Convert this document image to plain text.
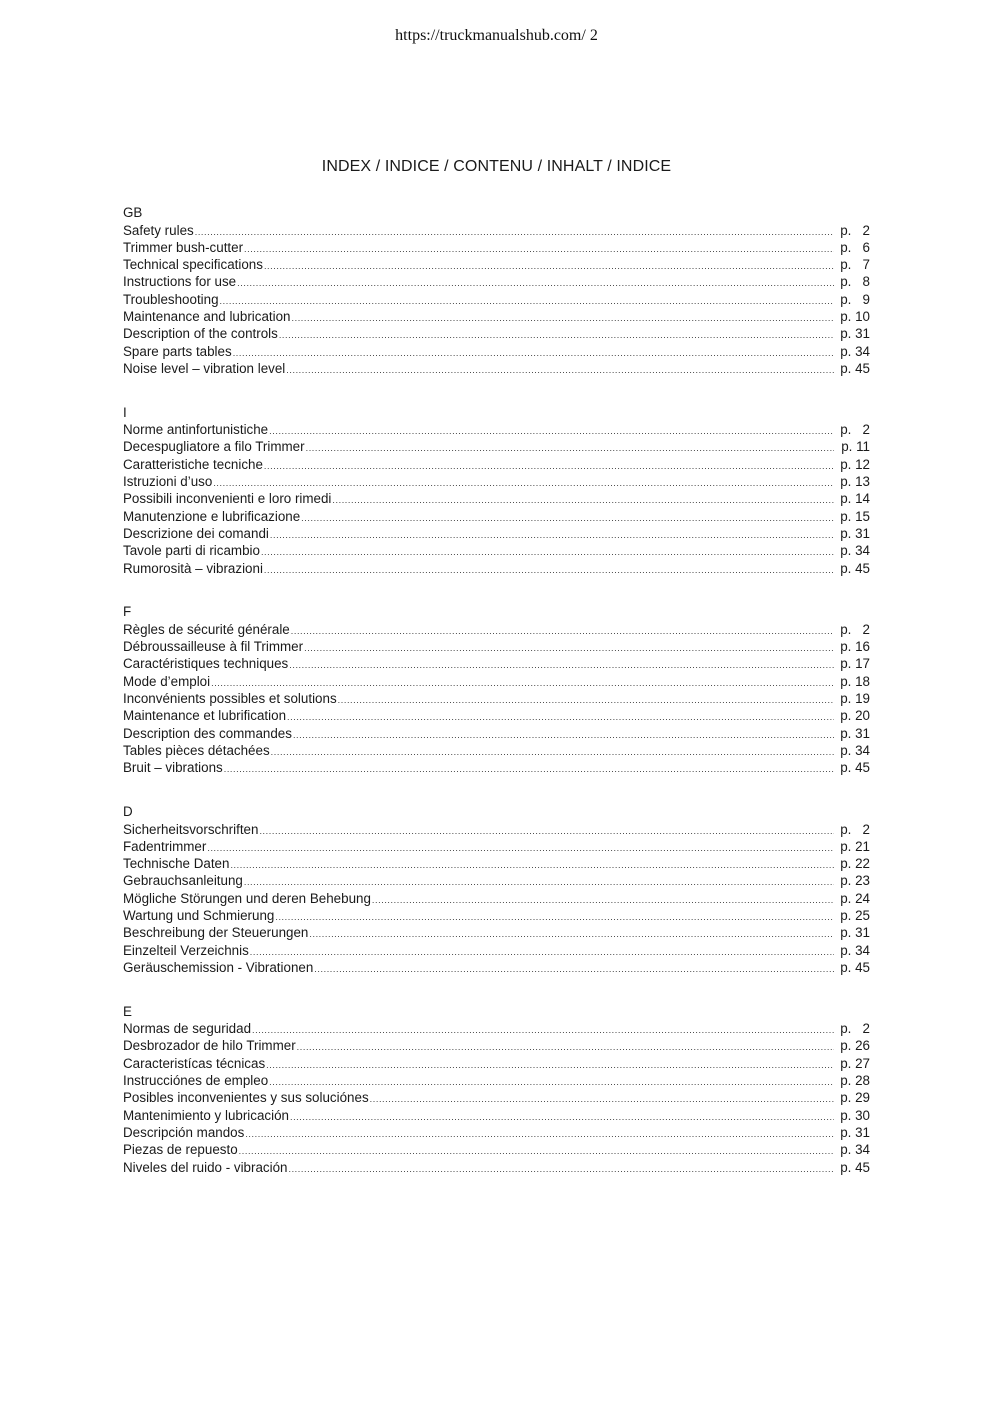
https://truckmanualshub.com/ 2
INDEX / INDICE / CONTENU / INHALT / INDICE
GB
Safety rules .....	p.   2
Trimmer bush-cutter .....	p.   6
Technical specifications .....	p.   7
Instructions for use .....	p.   8
Troubleshooting .....	p.   9
Maintenance and lubrication .....	p. 10
Description of the controls .....	p. 31
Spare parts tables .....	p. 34
Noise level – vibration level .....	p. 45
I
Norme antinfortunistiche .....	p.   2
Decespugliatore a filo Trimmer .....	p. 11
Caratteristiche tecniche .....	p. 12
Istruzioni d’uso .....	p. 13
Possibili inconvenienti e loro rimedi .....	p. 14
Manutenzione e lubrificazione .....	p. 15
Descrizione dei comandi .....	p. 31
Tavole parti di ricambio .....	p. 34
Rumorosità – vibrazioni .....	p. 45
F
Règles de sécurité générale .....	p.   2
Débroussailleuse à fil Trimmer .....	p. 16
Caractéristiques techniques .....	p. 17
Mode d’emploi .....	p. 18
Inconvénients possibles et solutions .....	p. 19
Maintenance et lubrification .....	p. 20
Description des commandes .....	p. 31
Tables pièces détachées .....	p. 34
Bruit – vibrations .....	p. 45
D
Sicherheitsvorschriften .....	p.   2
Fadentrimmer .....	p. 21
Technische Daten .....	p. 22
Gebrauchsanleitung .....	p. 23
Mögliche Störungen und deren Behebung .....	p. 24
Wartung und Schmierung .....	p. 25
Beschreibung der Steuerungen .....	p. 31
Einzelteil Verzeichnis .....	p. 34
Geräuschemission - Vibrationen .....	p. 45
E
Normas de seguridad .....	p.   2
Desbrozador de hilo Trimmer .....	p. 26
Caracteristícas técnicas .....	p. 27
Instrucciónes de empleo .....	p. 28
Posibles inconvenientes y sus soluciónes .....	p. 29
Mantenimiento y lubricación .....	p. 30
Descripción mandos .....	p. 31
Piezas de repuesto .....	p. 34
Niveles del ruido - vibración .....	p. 45
